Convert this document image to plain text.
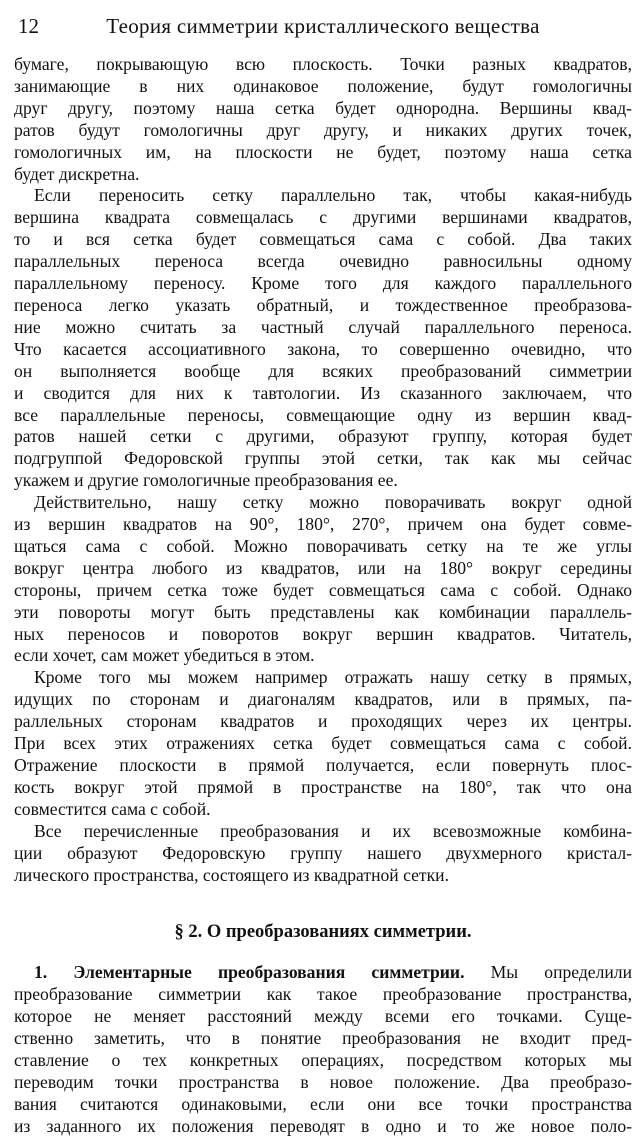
12	Теория симметрии кристаллического вещества
бумаге, покрывающую всю плоскость. Точки разных квадратов,
занимающие в них одинаковое положение, будут гомологичны
друг другу, поэтому наша сетка будет однородна. Вершины квад-
ратов будут гомологичны друг другу, и никаких других точек,
гомологичных им, на плоскости не будет, поэтому наша сетка
будет дискретна.
Если переносить сетку параллельно так, чтобы какая-нибудь
вершина квадрата совмещалась с другими вершинами квадратов,
то и вся сетка будет совмещаться сама с собой. Два таких
параллельных переноса всегда очевидно равносильны одному
параллельному переносу. Кроме того для каждого параллельного
переноса легко указать обратный, и тождественное преобразова-
ние можно считать за частный случай параллельного переноса.
Что касается ассоциативного закона, то совершенно очевидно, что
он выполняется вообще для всяких преобразований симметрии
и сводится для них к тавтологии. Из сказанного заключаем, что
все параллельные переносы, совмещающие одну из вершин квад-
ратов нашей сетки с другими, образуют группу, которая будет
подгруппой Федоровской группы этой сетки, так как мы сейчас
укажем и другие гомологичные преобразования ее.
Действительно, нашу сетку можно поворачивать вокруг одной
из вершин квадратов на 90°, 180°, 270°, причем она будет совме-
щаться сама с собой. Можно поворачивать сетку на те же углы
вокруг центра любого из квадратов, или на 180° вокруг середины
стороны, причем сетка тоже будет совмещаться сама с собой. Однако
эти повороты могут быть представлены как комбинации параллель-
ных переносов и поворотов вокруг вершин квадратов. Читатель,
если хочет, сам может убедиться в этом.
Кроме того мы можем например отражать нашу сетку в прямых,
идущих по сторонам и диагоналям квадратов, или в прямых, па-
раллельных сторонам квадратов и проходящих через их центры.
При всех этих отражениях сетка будет совмещаться сама с собой.
Отражение плоскости в прямой получается, если повернуть плос-
кость вокруг этой прямой в пространстве на 180°, так что она
совместится сама с собой.
Все перечисленные преобразования и их всевозможные комбина-
ции образуют Федоровскую группу нашего двухмерного кристал-
лического пространства, состоящего из квадратной сетки.
§ 2. О преобразованиях симметрии.
1. Элементарные преобразования симметрии. Мы определили
преобразование симметрии как такое преобразование пространства,
которое не меняет расстояний между всеми его точками. Суще-
ственно заметить, что в понятие преобразования не входит пред-
ставление о тех конкретных операциях, посредством которых мы
переводим точки пространства в новое положение. Два преобразо-
вания считаются одинаковыми, если они все точки пространства
из заданного их положения переводят в одно и то же новое поло-
